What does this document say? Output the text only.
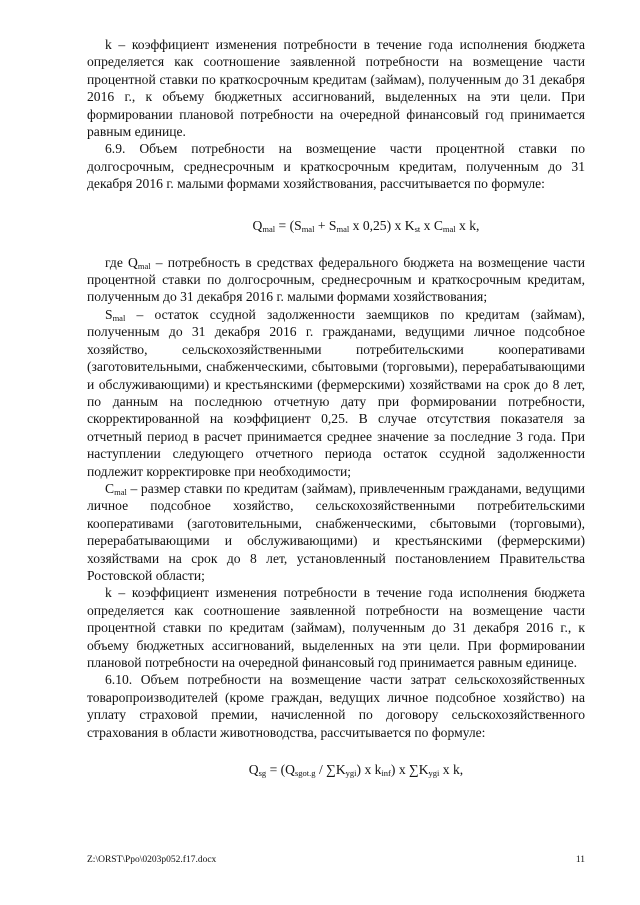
k – коэффициент изменения потребности в течение года исполнения бюджета определяется как соотношение заявленной потребности на возмещение части процентной ставки по краткосрочным кредитам (займам), полученным до 31 декабря 2016 г., к объему бюджетных ассигнований, выделенных на эти цели. При формировании плановой потребности на очередной финансовый год принимается равным единице.

6.9. Объем потребности на возмещение части процентной ставки по долгосрочным, среднесрочным и краткосрочным кредитам, полученным до 31 декабря 2016 г. малыми формами хозяйствования, рассчитывается по формуле:

$Q_{mal} = (S_{mal} + S_{mal}$ x 0,25) x $K_{st}$ x $C_{mal}$ x k,

где $Q_{mal}$ – потребность в средствах федерального бюджета на возмещение части процентной ставки по долгосрочным, среднесрочным и краткосрочным кредитам, полученным до 31 декабря 2016 г. малыми формами хозяйствования;

$S_{mal}$ – остаток ссудной задолженности заемщиков по кредитам (займам), полученным до 31 декабря 2016 г. гражданами, ведущими личное подсобное хозяйство, сельскохозяйственными потребительскими кооперативами (заготовительными, снабженческими, сбытовыми (торговыми), перерабатывающими и обслуживающими) и крестьянскими (фермерскими) хозяйствами на срок до 8 лет, по данным на последнюю отчетную дату при формировании потребности, скорректированной на коэффициент 0,25. В случае отсутствия показателя за отчетный период в расчет принимается среднее значение за последние 3 года. При наступлении следующего отчетного периода остаток ссудной задолженности подлежит корректировке при необходимости;

$C_{mal}$ – размер ставки по кредитам (займам), привлеченным гражданами, ведущими личное подсобное хозяйство, сельскохозяйственными потребительскими кооперативами (заготовительными, снабженческими, сбытовыми (торговыми), перерабатывающими и обслуживающими) и крестьянскими (фермерскими) хозяйствами на срок до 8 лет, установленный постановлением Правительства Ростовской области;

k – коэффициент изменения потребности в течение года исполнения бюджета определяется как соотношение заявленной потребности на возмещение части процентной ставки по кредитам (займам), полученным до 31 декабря 2016 г., к объему бюджетных ассигнований, выделенных на эти цели. При формировании плановой потребности на очередной финансовый год принимается равным единице.

6.10. Объем потребности на возмещение части затрат сельскохозяйственных товаропроизводителей (кроме граждан, ведущих личное подсобное хозяйство) на уплату страховой премии, начисленной по договору сельскохозяйственного страхования в области животноводства, рассчитывается по формуле:

$Q_{sg} = (Q_{sgot.g} / \sum K_{ygi})$ x $k_{inf}$) x $\sum K_{ygi}$ x k,

Z:\ORST\Ppo\0203p052.f17.docx	11
